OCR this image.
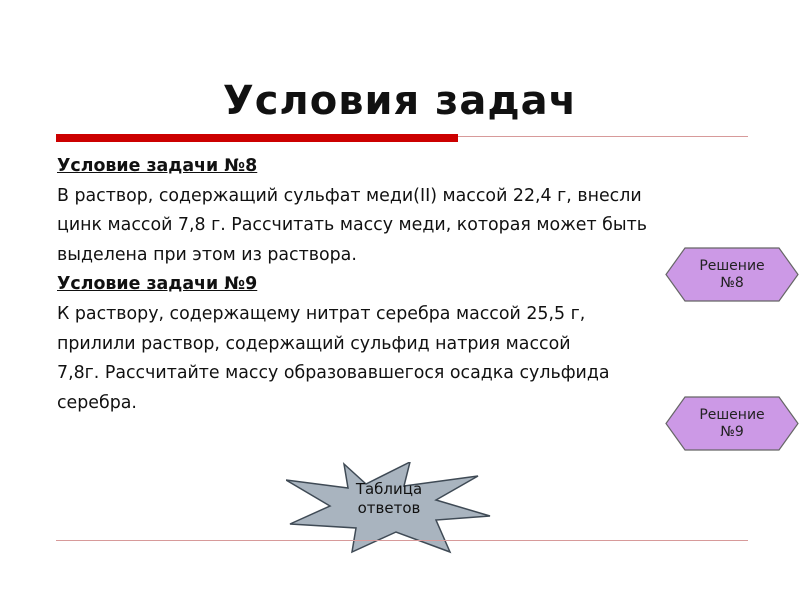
Условия задач

Условие задачи №8

В раствор, содержащий сульфат меди(II) массой 22,4 г, внесли

цинк массой 7,8 г. Рассчитать массу меди, которая может быть

выделена при этом из раствора.

Условие задачи №9

К раствору, содержащему нитрат серебра массой 25,5 г,

прилили раствор, содержащий сульфид натрия массой

7,8г. Рассчитайте массу образовавшегося осадка сульфида

серебра.

Решение
№8
Решение
№9
Таблица
ответов
